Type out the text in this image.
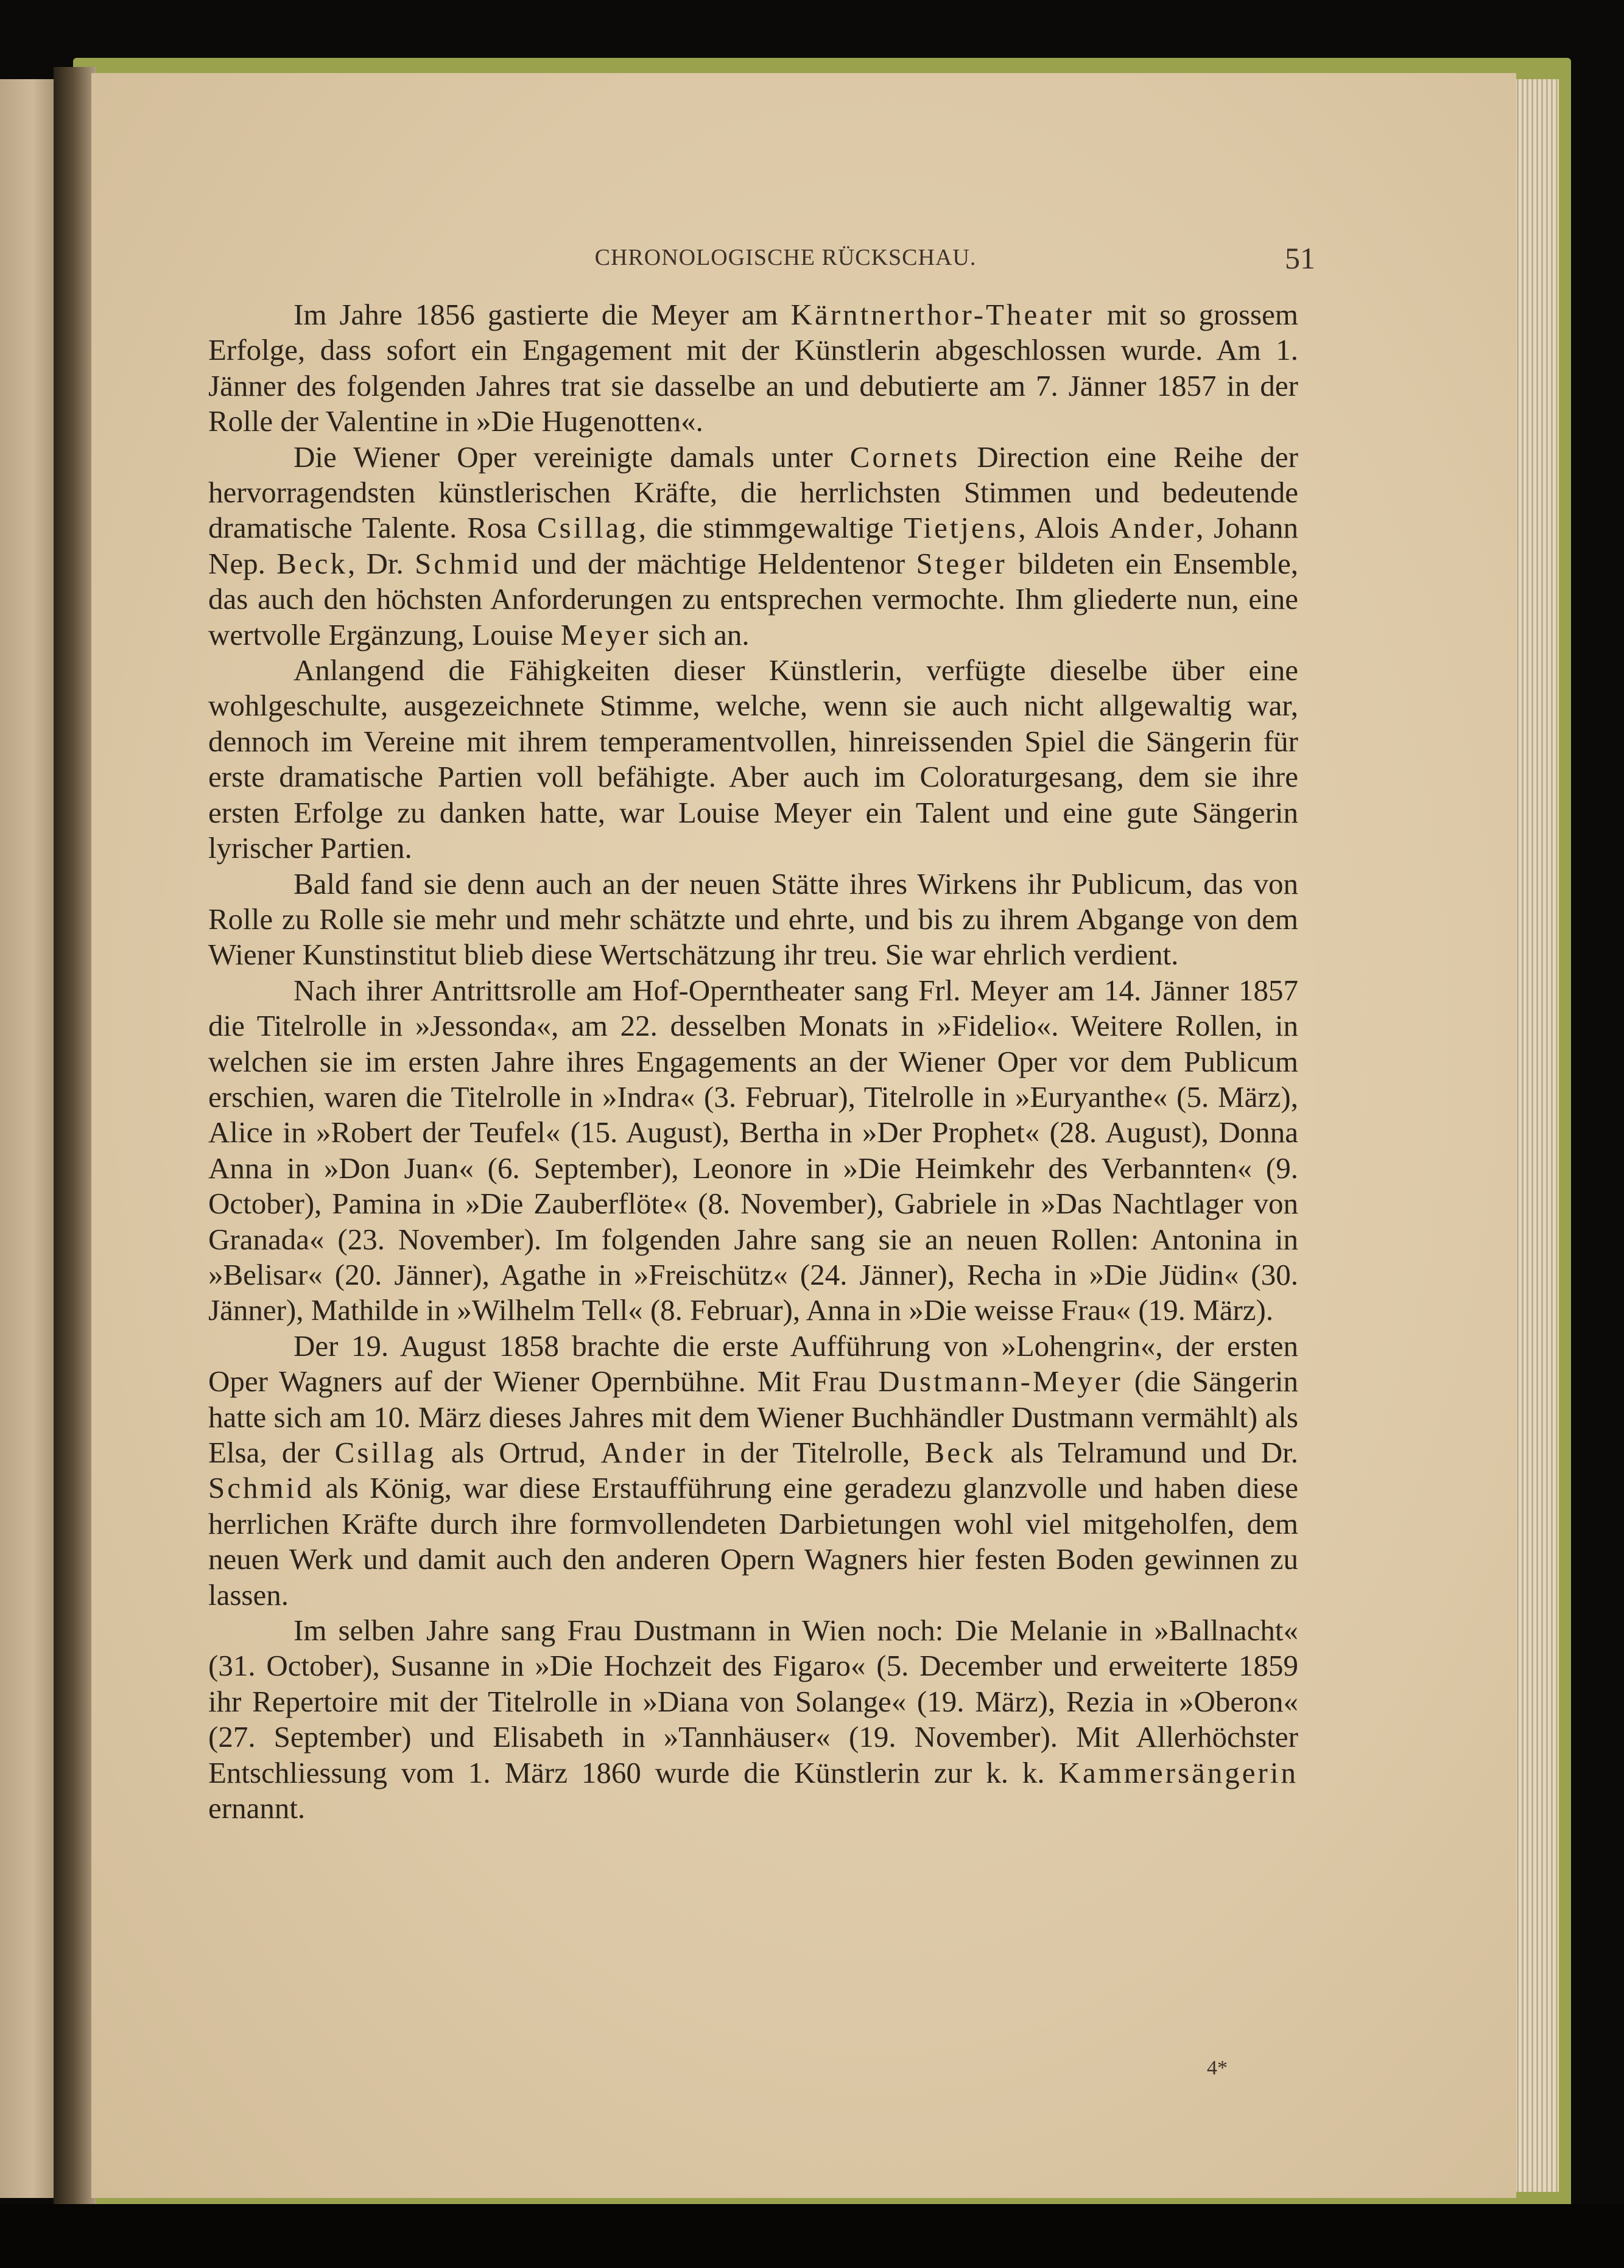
CHRONOLOGISCHE RÜCKSCHAU.	51

Im Jahre 1856 gastierte die Meyer am Kärntnerthor-Theater mit so grossem Erfolge, dass sofort ein Engagement mit der Künstlerin abgeschlossen wurde. Am 1. Jänner des folgenden Jahres trat sie dasselbe an und debutierte am 7. Jänner 1857 in der Rolle der Valentine in »Die Hugenotten«.

Die Wiener Oper vereinigte damals unter Cornets Direction eine Reihe der hervorragendsten künstlerischen Kräfte, die herrlichsten Stimmen und bedeutende dramatische Talente. Rosa Csillag, die stimmgewaltige Tietjens, Alois Ander, Johann Nep. Beck, Dr. Schmid und der mächtige Heldentenor Steger bildeten ein Ensemble, das auch den höchsten Anforderungen zu entsprechen vermochte. Ihm gliederte nun, eine wertvolle Ergänzung, Louise Meyer sich an.

Anlangend die Fähigkeiten dieser Künstlerin, verfügte dieselbe über eine wohlgeschulte, ausgezeichnete Stimme, welche, wenn sie auch nicht allgewaltig war, dennoch im Vereine mit ihrem temperamentvollen, hinreissenden Spiel die Sängerin für erste dramatische Partien voll befähigte. Aber auch im Coloraturgesang, dem sie ihre ersten Erfolge zu danken hatte, war Louise Meyer ein Talent und eine gute Sängerin lyrischer Partien.

Bald fand sie denn auch an der neuen Stätte ihres Wirkens ihr Publicum, das von Rolle zu Rolle sie mehr und mehr schätzte und ehrte, und bis zu ihrem Abgange von dem Wiener Kunstinstitut blieb diese Wertschätzung ihr treu. Sie war ehrlich verdient.

Nach ihrer Antrittsrolle am Hof-Operntheater sang Frl. Meyer am 14. Jänner 1857 die Titelrolle in »Jessonda«, am 22. desselben Monats in »Fidelio«. Weitere Rollen, in welchen sie im ersten Jahre ihres Engagements an der Wiener Oper vor dem Publicum erschien, waren die Titelrolle in »Indra« (3. Februar), Titelrolle in »Euryanthe« (5. März), Alice in »Robert der Teufel« (15. August), Bertha in »Der Prophet« (28. August), Donna Anna in »Don Juan« (6. September), Leonore in »Die Heimkehr des Verbannten« (9. October), Pamina in »Die Zauberflöte« (8. November), Gabriele in »Das Nachtlager von Granada« (23. November). Im folgenden Jahre sang sie an neuen Rollen: Antonina in »Belisar« (20. Jänner), Agathe in »Freischütz« (24. Jänner), Recha in »Die Jüdin« (30. Jänner), Mathilde in »Wilhelm Tell« (8. Februar), Anna in »Die weisse Frau« (19. März).

Der 19. August 1858 brachte die erste Aufführung von »Lohengrin«, der ersten Oper Wagners auf der Wiener Opernbühne. Mit Frau Dustmann-Meyer (die Sängerin hatte sich am 10. März dieses Jahres mit dem Wiener Buchhändler Dustmann vermählt) als Elsa, der Csillag als Ortrud, Ander in der Titelrolle, Beck als Telramund und Dr. Schmid als König, war diese Erstaufführung eine geradezu glanzvolle und haben diese herrlichen Kräfte durch ihre formvollendeten Darbietungen wohl viel mitgeholfen, dem neuen Werk und damit auch den anderen Opern Wagners hier festen Boden gewinnen zu lassen.

Im selben Jahre sang Frau Dustmann in Wien noch: Die Melanie in »Ballnacht« (31. October), Susanne in »Die Hochzeit des Figaro« (5. December und erweiterte 1859 ihr Repertoire mit der Titelrolle in »Diana von Solange« (19. März), Rezia in »Oberon« (27. September) und Elisabeth in »Tannhäuser« (19. November). Mit Allerhöchster Entschliessung vom 1. März 1860 wurde die Künstlerin zur k. k. Kammersängerin ernannt.

4*
